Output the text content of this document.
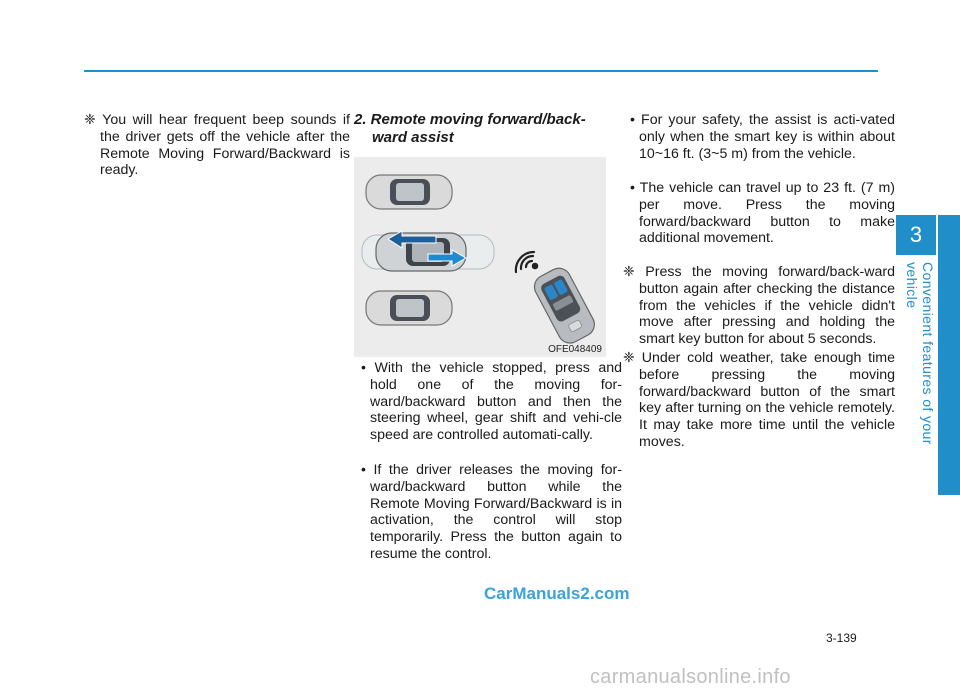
❈ You will hear frequent beep sounds if the driver gets off the vehicle after the Remote Moving Forward/Backward is ready.
2. Remote moving forward/back-ward assist
OFE048409
• With the vehicle stopped, press and hold one of the moving for-ward/backward button and then the steering wheel, gear shift and vehi-cle speed are controlled automati-cally.
• If the driver releases the moving for-ward/backward button while the Remote Moving Forward/Backward is in activation, the control will stop temporarily. Press the button again to resume the control.
• For your safety, the assist is acti-vated only when the smart key is within about 10~16 ft. (3~5 m) from the vehicle.
• The vehicle can travel up to 23 ft. (7 m) per move. Press the moving forward/backward button to make additional movement.
❈ Press the moving forward/back-ward button again after checking the distance from the vehicles if the vehicle didn't move after pressing and holding the smart key button for about 5 seconds.
❈ Under cold weather, take enough time before pressing the moving forward/backward button of the smart key after turning on the vehicle remotely. It may take more time until the vehicle moves.
3
Convenient features of your vehicle
3-139
CarManuals2.com
carmanualsonline.info
